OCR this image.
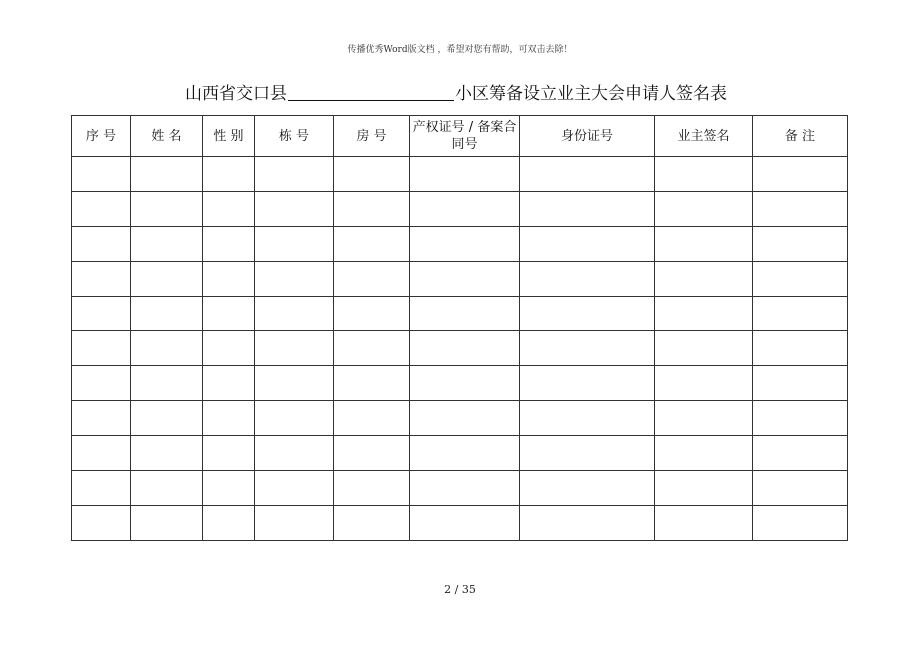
传播优秀Word版文档 ，希望对您有帮助，可双击去除！
山西省交口县	小区筹备设立业主大会申请人签名表
序 号	姓 名	性 别	栋 号	房 号	产权证号 / 备案合同号	身份证号	业主签名	备 注

2 / 35
